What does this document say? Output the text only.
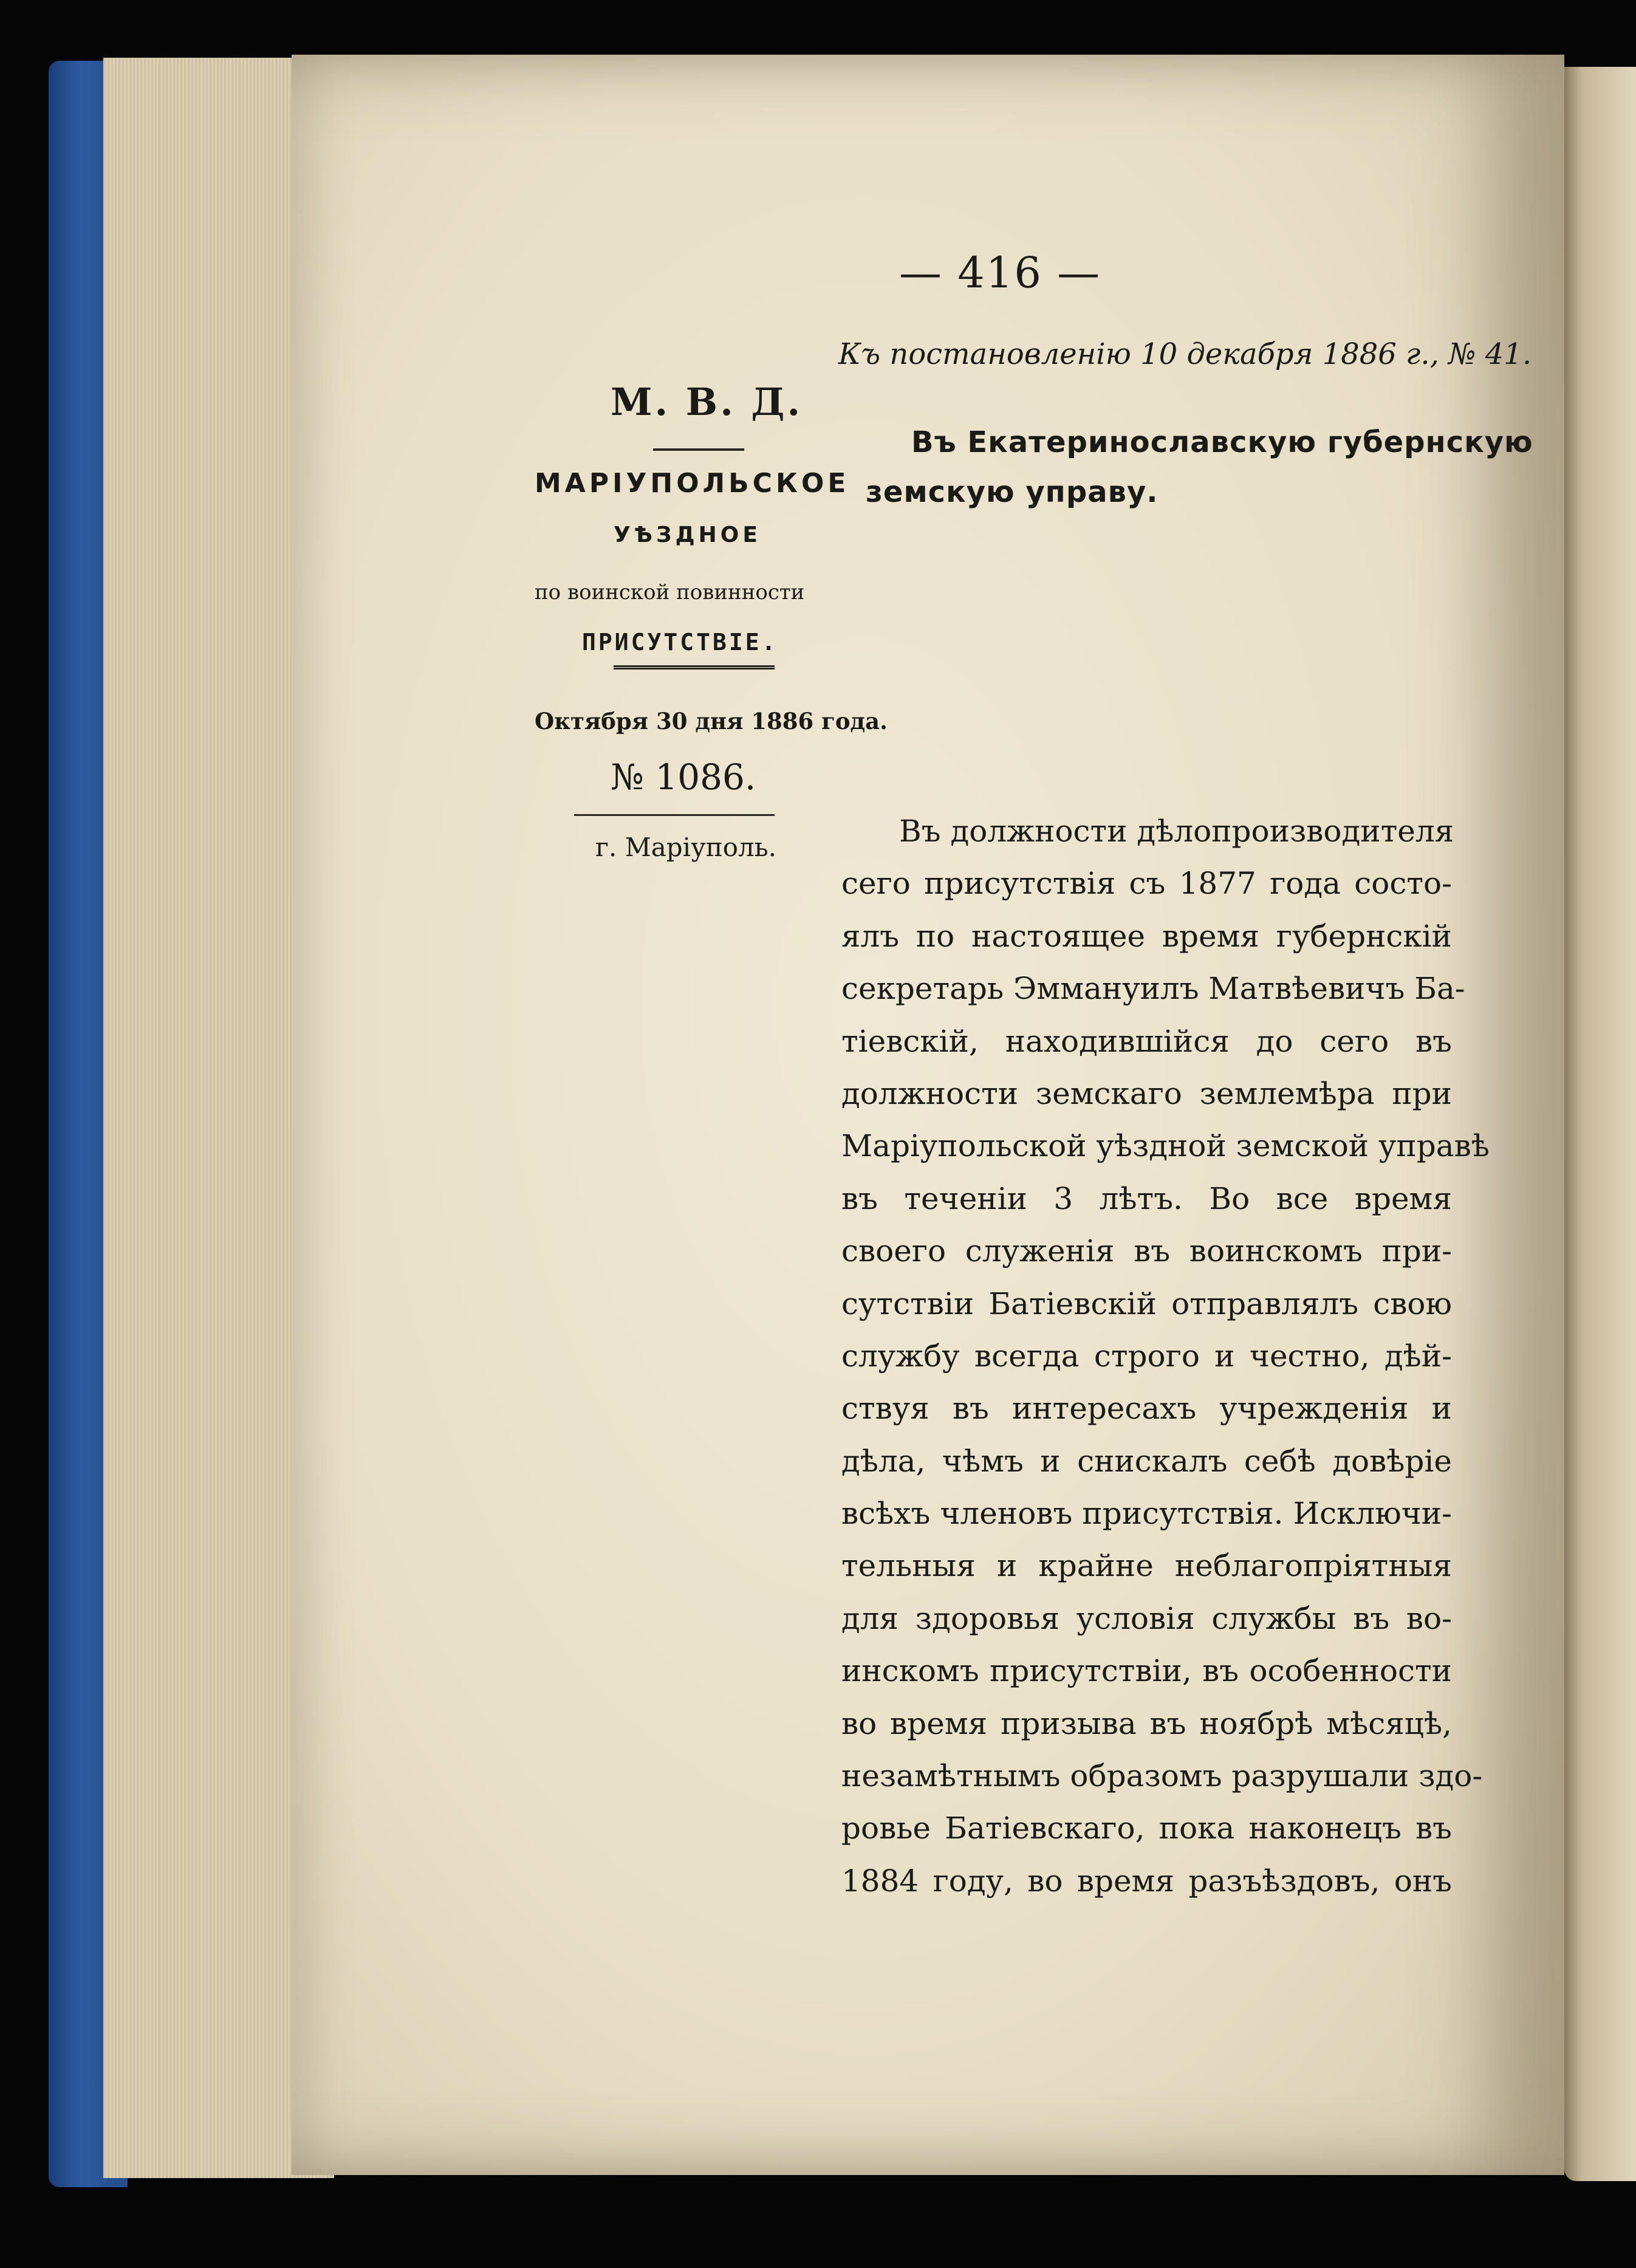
— 416 —

Къ постановленію 10 декабря 1886 г., № 41.

М. В. Д.

МАРІУПОЛЬСКОЕ

УѢЗДНОЕ

по воинской повинности

ПРИСУТСТВІЕ.

Октября 30 дня 1886 года.

№ 1086.

г. Маріуполь.

Въ Екатеринославскую губернскую

земскую управу.

Въ должности дѣлопроизводителя
сего присутствія съ 1877 года состо-
ялъ по настоящее время губернскій
секретарь Эммануилъ Матвѣевичъ Ба-
тіевскій, находившійся до сего въ
должности земскаго землемѣра при
Маріупольской уѣздной земской управѣ
въ теченіи 3 лѣтъ. Во все время
своего служенія въ воинскомъ при-
сутствіи Батіевскій отправлялъ свою
службу всегда строго и честно, дѣй-
ствуя въ интересахъ учрежденія и
дѣла, чѣмъ и снискалъ себѣ довѣріе
всѣхъ членовъ присутствія. Исключи-
тельныя и крайне неблагопріятныя
для здоровья условія службы въ во-
инскомъ присутствіи, въ особенности
во время призыва въ ноябрѣ мѣсяцѣ,
незамѣтнымъ образомъ разрушали здо-
ровье Батіевскаго, пока наконецъ въ
1884 году, во время разъѣздовъ, онъ
